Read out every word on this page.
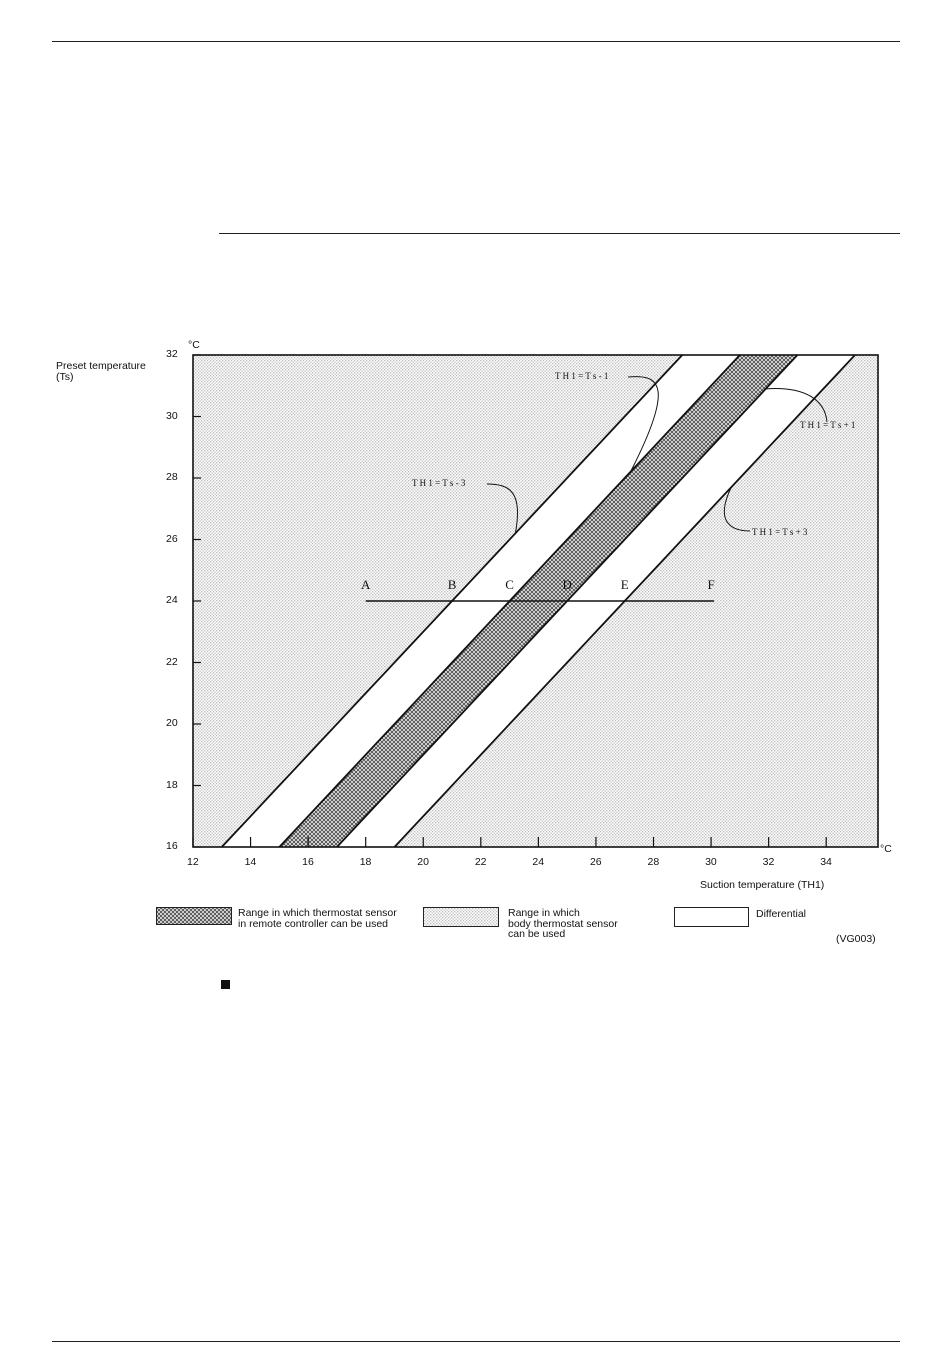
A	B	C	D	E	F
T H 1 = T s - 1
T H 1 = T s + 1
T H 1 = T s - 3
T H 1 = T s + 3
°C
Preset temperature
(Ts)
°C
Suction temperature (TH1)
16
18
20
22
24
26
28
30
32
12	14	16	18	20	22	24	26	28	30	32	34
Range in which thermostat sensor
in remote controller can be used
Range in which
body thermostat sensor
can be used
Differential
(VG003)
